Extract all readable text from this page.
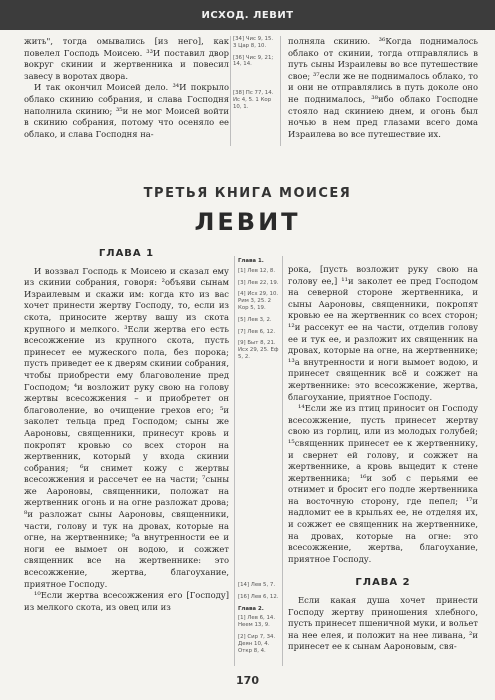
ИСХОД. ЛЕВИТ

жить", тогда омывались [из него], как повелел Господь Моисею. ³³И поставил двор вокруг скинии и жертвенника и повесил завесу в воротах двора.

И так окончил Моисей дело. ³⁴И покрыло облако скинию собрания, и слава Господня наполнила скинию; ³⁵и не мог Моисей войти в скинию собрания, потому что осеняло ее облако, и слава Господня на-

[34] Чис 9, 15. 3 Цар 8, 10.
[36] Чис 9, 21; 14, 14.
[38] Пс 77, 14. Ис 4, 5. 1 Кор 10, 1.

полняла скинию. ³⁶Когда поднималось облако от скинии, тогда отправлялись в путь сыны Израилевы во все путешествие свое; ³⁷если же не поднималось облако, то и они не отправлялись в путь доколе оно не поднималось, ³⁸ибо облако Господне стояло над скиниею днем, и огонь был ночью в нем пред глазами всего дома Израилева во все путешествие их.

ТРЕТЬЯ КНИГА МОИСЕЯ
ЛЕВИТ
ГЛАВА 1

И воззвал Господь к Моисею и сказал ему из скинии собрания, говоря: ²объяви сынам Израилевым и скажи им: когда кто из вас хочет принести жертву Господу, то, если из скота, приносите жертву вашу из скота крупного и мелкого. ³Если жертва его есть всесожжение из крупного скота, пусть принесет ее мужеского пола, без порока; пусть приведет ее к дверям скинии собрания, чтобы приобрести ему благоволение пред Господом; ⁴и возложит руку свою на голову жертвы всесожжения – и приобретет он благоволение, во очищение грехов его; ⁵и заколет тельца пред Господом; сыны же Аароновы, священники, принесут кровь и покропят кровью со всех сторон на жертвенник, который у входа скинии собрания; ⁶и снимет кожу с жертвы всесожжения и рассечет ее на части; ⁷сыны же Аароновы, священники, положат на жертвенник огонь и на огне разложат дрова; ⁸и разложат сыны Аароновы, священники, части, голову и тук на дровах, которые на огне, на жертвеннике; ⁹а внутренности ее и ноги ее вымоет он водою, и сожжет священник все на жертвеннике: это всесожжение, жертва, благоухание, приятное Господу.

¹⁰Если жертва всесожжения его [Господу] из мелкого скота, из овец или из

Глава 1.
[1] Лев 12, 8.
[3] Лев 22, 19.
[4] Исх 29, 10. Рим 3, 25. 2 Кор 5, 19.
[5] Лев 3, 2.
[7] Лев 6, 12.
[9] Быт 8, 21. Исх 29, 25. Еф 5, 2.
[14] Лев 5, 7.
[16] Лев 6, 12.
Глава 2.
[1] Лев 6, 14. Неем 13, 9.
[2] Сир 7, 34. Деян 10, 4. Откр 8, 4.

рока, [пусть возложит руку свою на голову ее,] ¹¹и заколет ее пред Господом на северной стороне жертвенника, и сыны Аароновы, священники, покропят кровью ее на жертвенник со всех сторон; ¹²и рассекут ее на части, отделив голову ее и тук ее, и разложит их священник на дровах, которые на огне, на жертвеннике; ¹³а внутренности и ноги вымоет водою, и принесет священник всё и сожжет на жертвеннике: это всесожжение, жертва, благоухание, приятное Господу.

¹⁴Если же из птиц приносит он Господу всесожжение, пусть принесет жертву свою из горлиц, или из молодых голубей; ¹⁵священник принесет ее к жертвеннику, и свернет ей голову, и сожжет на жертвеннике, а кровь выцедит к стене жертвенника; ¹⁶и зоб с перьями ее отнимет и бросит его подле жертвенника на восточную сторону, где пепел; ¹⁷и надломит ее в крыльях ее, не отделяя их, и сожжет ее священник на жертвеннике, на дровах, которые на огне: это всесожжение, жертва, благоухание, приятное Господу.

ГЛАВА 2

Если какая душа хочет принести Господу жертву приношения хлебного, пусть принесет пшеничной муки, и вольет на нее елея, и положит на нее ливана, ²и принесет ее к сынам Аароновым, свя-

170
